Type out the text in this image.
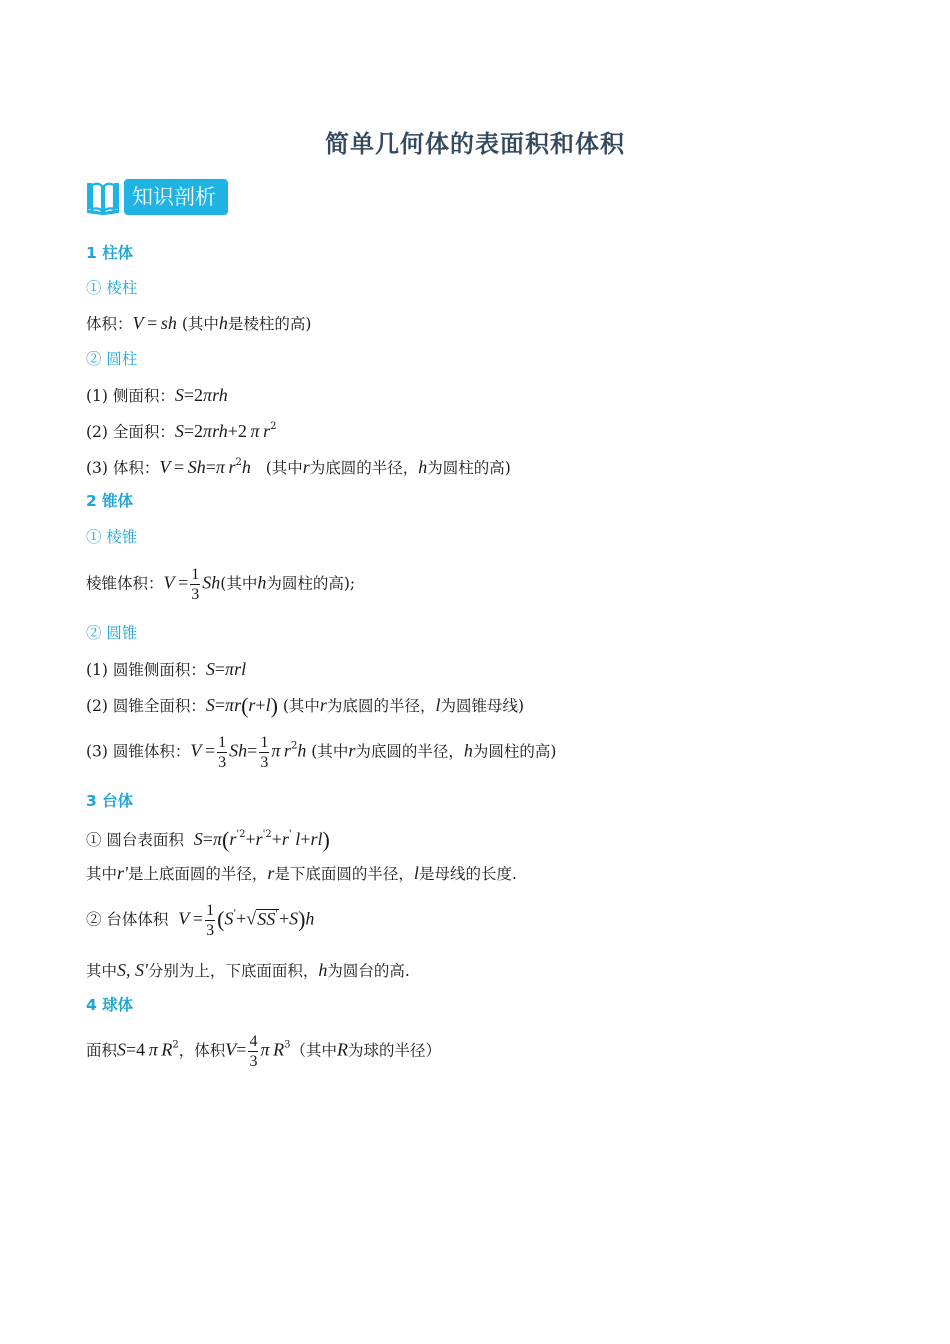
简单几何体的表面积和体积
知识剖析
1 柱体
① 棱柱
体积：V = sh (其中h是棱柱的高)
② 圆柱
(1) 侧面积：S=2πrh
(2) 全面积：S=2πrh+2 π $r^2$
(3) 体积：V = Sh=π $r^2h$ (其中r为底圆的半径，h为圆柱的高)
2 锥体
① 棱锥
棱锥体积：$V = \frac{1}{3} Sh$(其中h为圆柱的高);
② 圆锥
(1) 圆锥侧面积：S=πrl
(2) 圆锥全面积：S=πr(r+l) (其中r为底圆的半径，l为圆锥母线)
(3) 圆锥体积：$V = \frac{1}{3} Sh= \frac{1}{3}$ π $r^2h$ (其中r为底圆的半径，h为圆柱的高)
3 台体
① 圆台表面积 $S=\pi(r^{'2}+r^{'2}+r'$ l+rl)
其中r'是上底面圆的半径，r是下底面圆的半径，l是母线的长度.
② 台体体积 $V = \frac{1}{3} (S'+√SS'+S)h$
其中S, S'分别为上，下底面面积，h为圆台的高.
4 球体
面积S=4 π $R^2$，体积$V= \frac{4}{3}$ π $R^3$（其中R为球的半径）
